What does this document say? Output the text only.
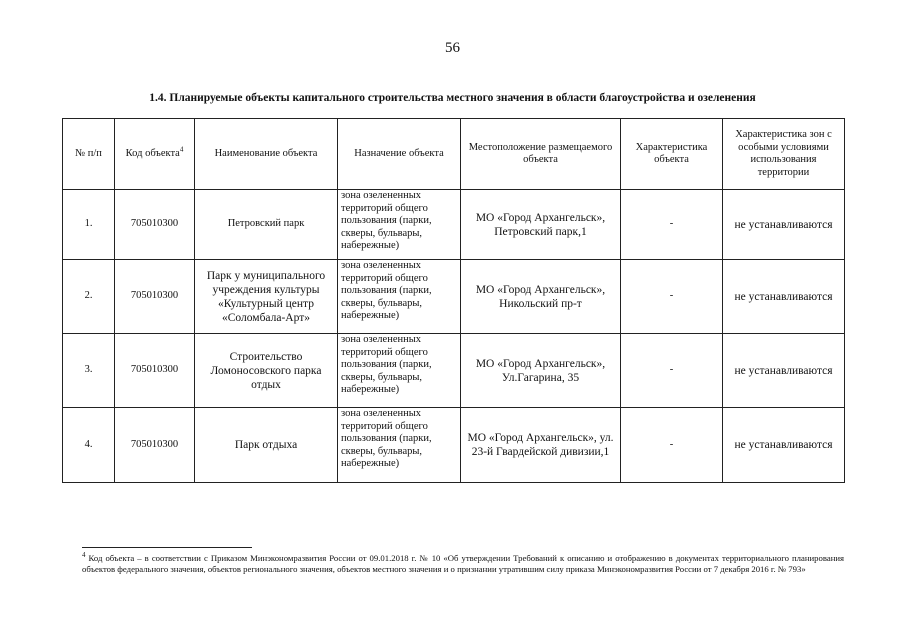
56
1.4. Планируемые объекты капитального строительства местного значения в области благоустройства и озеленения
№ п/п	Код объекта$^4$	Наименование объекта	Назначение объекта	Местоположение размещаемого объекта	Характеристика объекта	Характеристика зон с особыми условиями использования территории
1.	705010300	Петровский парк	зона озелененных территорий общего пользования (парки, скверы, бульвары, набережные)	МО «Город Архангельск», Петровский парк,1	-	не устанавливаются
2.	705010300	Парк у муниципального учреждения культуры «Культурный центр «Соломбала-Арт»	зона озелененных территорий общего пользования (парки, скверы, бульвары, набережные)	МО «Город Архангельск», Никольский пр-т	-	не устанавливаются
3.	705010300	Строительство Ломоносовского парка отдых	зона озелененных территорий общего пользования (парки, скверы, бульвары, набережные)	МО «Город Архангельск», Ул.Гагарина, 35	-	не устанавливаются
4.	705010300	Парк отдыха	зона озелененных территорий общего пользования (парки, скверы, бульвары, набережные)	МО «Город Архангельск», ул. 23-й Гвардейской дивизии,1	-	не устанавливаются
$^4$ Код объекта – в соответствии с Приказом Минэкономразвития России от 09.01.2018 г. № 10 «Об утверждении Требований к описанию и отображению в документах территориального планирования объектов федерального значения, объектов регионального значения, объектов местного значения и о признании утратившим силу приказа Минэкономразвития России от 7 декабря 2016 г. № 793»
